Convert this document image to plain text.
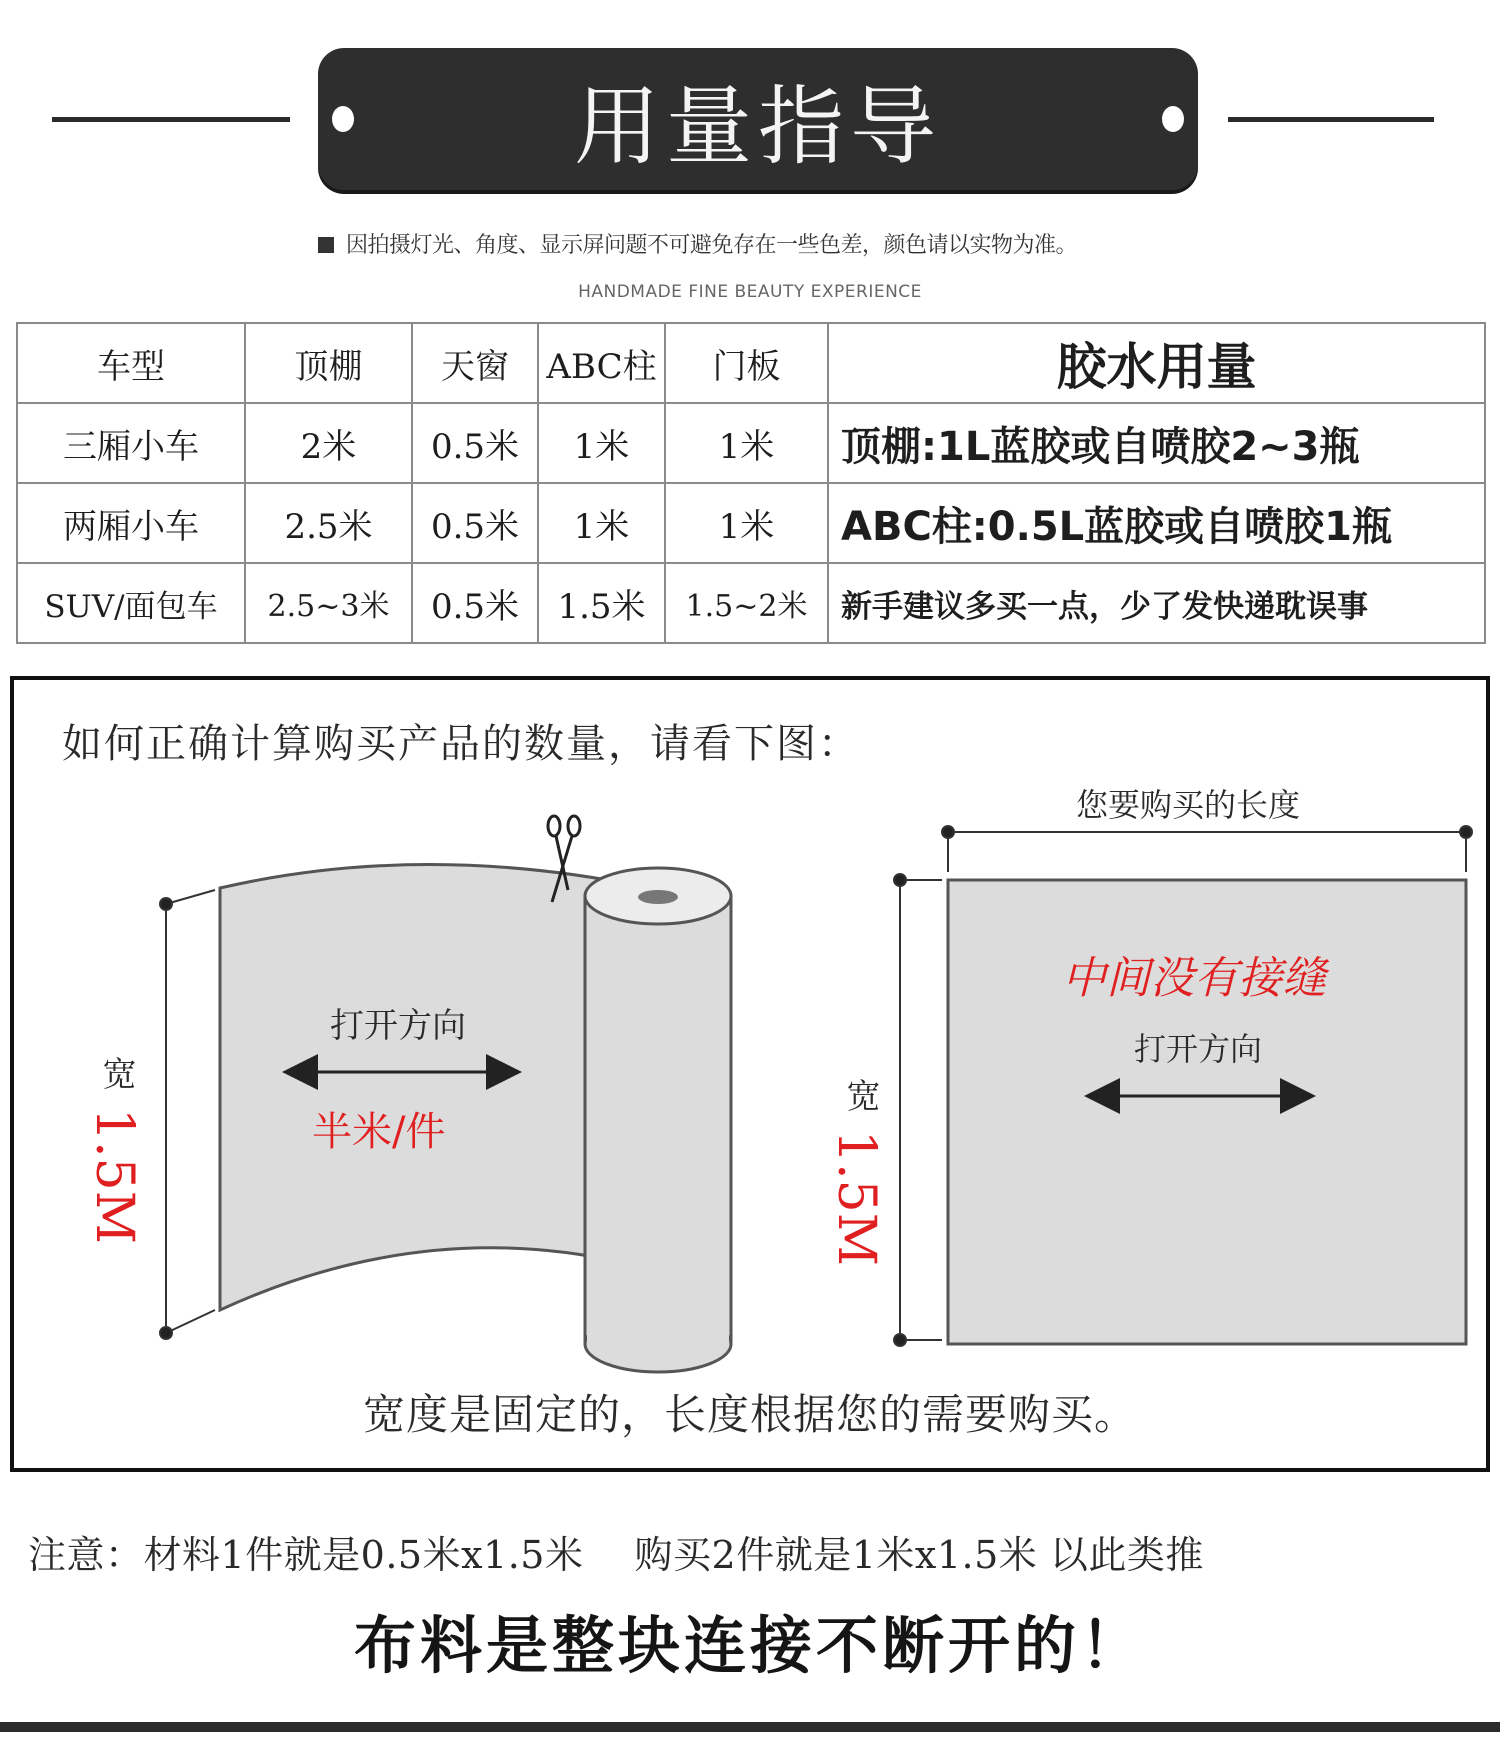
用量指导
因拍摄灯光、角度、显示屏问题不可避免存在一些色差，颜色请以实物为准。
HANDMADE FINE BEAUTY EXPERIENCE
车型	顶棚	天窗	ABC柱	门板	胶水用量
三厢小车	2米	0.5米	1米	1米	顶棚:1L蓝胶或自喷胶2~3瓶
两厢小车	2.5米	0.5米	1米	1米	ABC柱:0.5L蓝胶或自喷胶1瓶
SUV/面包车	2.5~3米	0.5米	1.5米	1.5~2米	新手建议多买一点，少了发快递耽误事
如何正确计算购买产品的数量，请看下图：
打开方向
半米/件
宽
1.5M
您要购买的长度
中间没有接缝
打开方向
宽
1.5M
宽度是固定的，长度根据您的需要购买。
注意：材料1件就是0.5米x1.5米　 购买2件就是1米x1.5米 以此类推
布料是整块连接不断开的！
